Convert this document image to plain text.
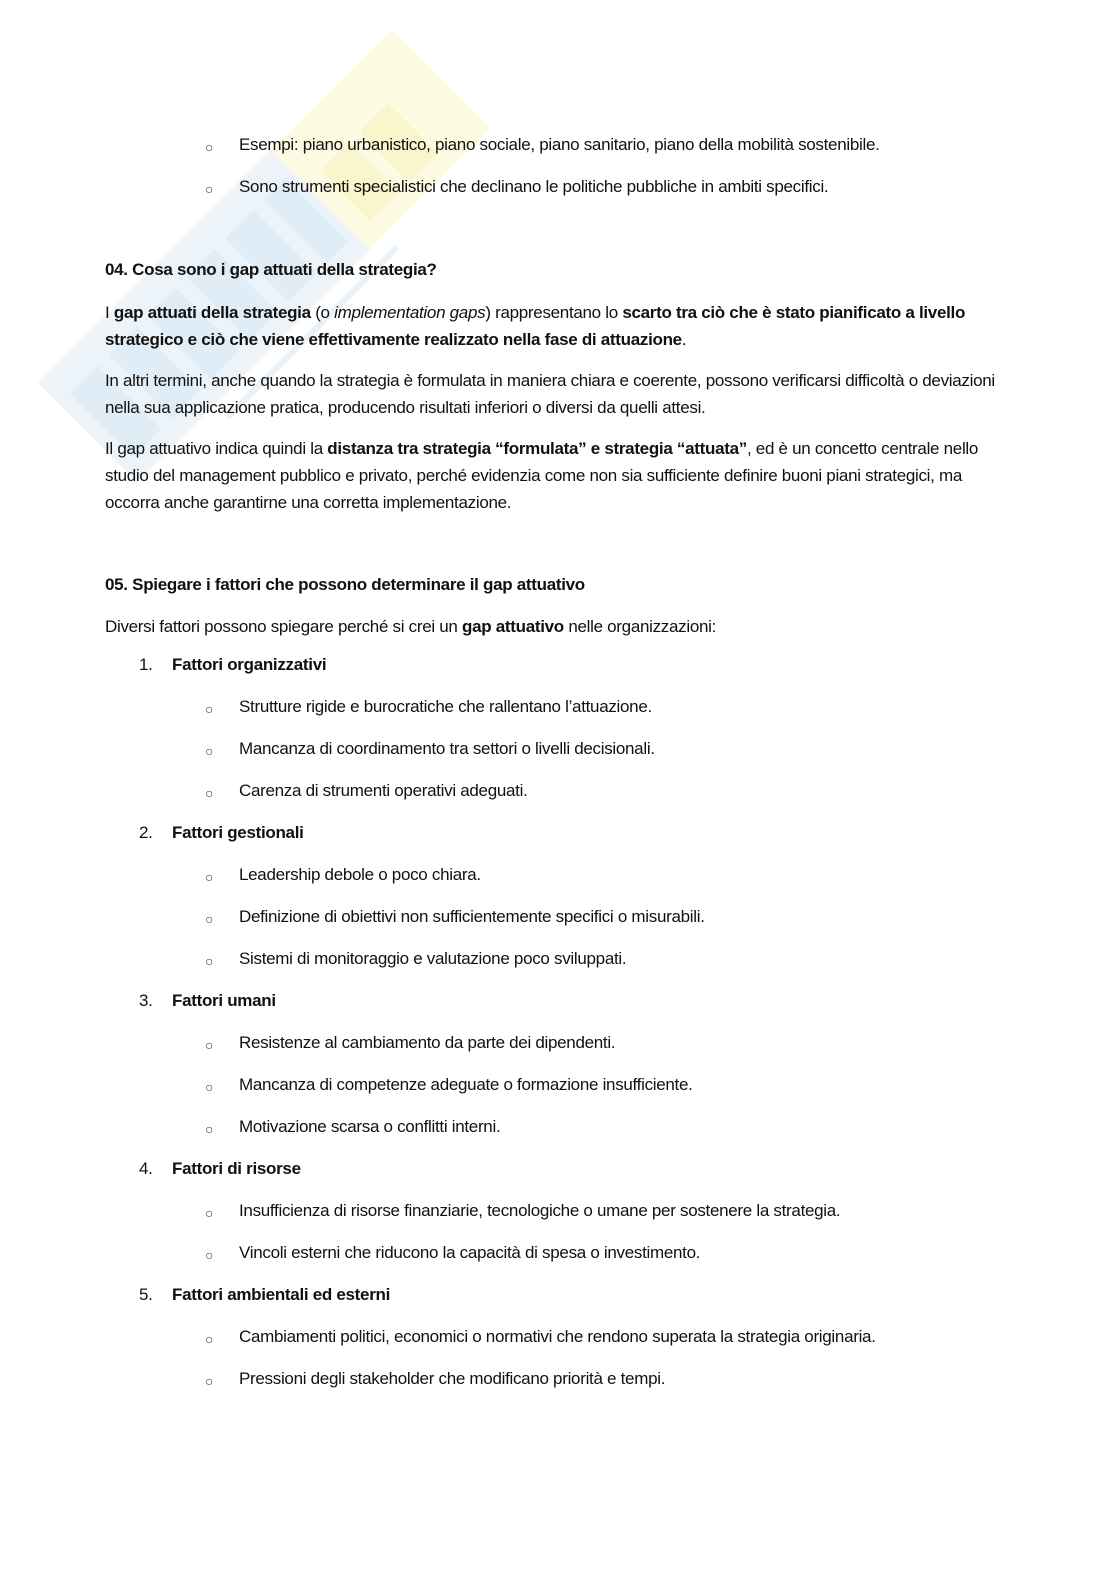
○ Esempi: piano urbanistico, piano sociale, piano sanitario, piano della mobilità sostenibile.
○ Sono strumenti specialistici che declinano le politiche pubbliche in ambiti specifici.
04. Cosa sono i gap attuati della strategia?

I gap attuati della strategia (o implementation gaps) rappresentano lo scarto tra ciò che è stato pianificato a livello strategico e ciò che viene effettivamente realizzato nella fase di attuazione.

In altri termini, anche quando la strategia è formulata in maniera chiara e coerente, possono verificarsi difficoltà o deviazioni nella sua applicazione pratica, producendo risultati inferiori o diversi da quelli attesi.

Il gap attuativo indica quindi la distanza tra strategia “formulata” e strategia “attuata”, ed è un concetto centrale nello studio del management pubblico e privato, perché evidenzia come non sia sufficiente definire buoni piani strategici, ma occorra anche garantirne una corretta implementazione.

05. Spiegare i fattori che possono determinare il gap attuativo

Diversi fattori possono spiegare perché si crei un gap attuativo nelle organizzazioni:

1. Fattori organizzativi
○ Strutture rigide e burocratiche che rallentano l’attuazione.
○ Mancanza di coordinamento tra settori o livelli decisionali.
○ Carenza di strumenti operativi adeguati.
2. Fattori gestionali
○ Leadership debole o poco chiara.
○ Definizione di obiettivi non sufficientemente specifici o misurabili.
○ Sistemi di monitoraggio e valutazione poco sviluppati.
3. Fattori umani
○ Resistenze al cambiamento da parte dei dipendenti.
○ Mancanza di competenze adeguate o formazione insufficiente.
○ Motivazione scarsa o conflitti interni.
4. Fattori di risorse
○ Insufficienza di risorse finanziarie, tecnologiche o umane per sostenere la strategia.
○ Vincoli esterni che riducono la capacità di spesa o investimento.
5. Fattori ambientali ed esterni
○ Cambiamenti politici, economici o normativi che rendono superata la strategia originaria.
○ Pressioni degli stakeholder che modificano priorità e tempi.
